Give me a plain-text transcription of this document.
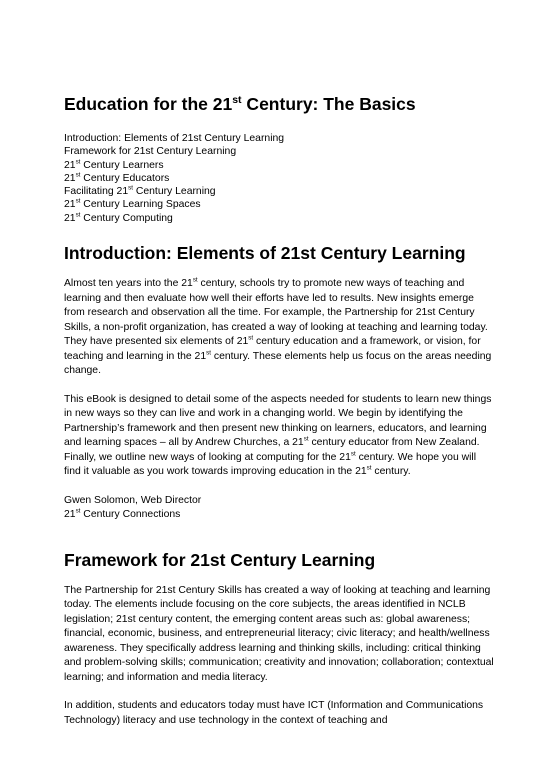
Education for the 21st Century: The Basics
Introduction: Elements of 21st Century Learning
Framework for 21st Century Learning
21st Century Learners
21st Century Educators
Facilitating 21st Century Learning
21st Century Learning Spaces
21st Century Computing
Introduction: Elements of 21st Century Learning

Almost ten years into the 21st century, schools try to promote new ways of teaching and learning and then evaluate how well their efforts have led to results. New insights emerge from research and observation all the time. For example, the Partnership for 21st Century Skills, a non-profit organization, has created a way of looking at teaching and learning today. They have presented six elements of 21st century education and a framework, or vision, for teaching and learning in the 21st century. These elements help us focus on the areas needing change.

This eBook is designed to detail some of the aspects needed for students to learn new things in new ways so they can live and work in a changing world. We begin by identifying the Partnership’s framework and then present new thinking on learners, educators, and learning and learning spaces – all by Andrew Churches, a 21st century educator from New Zealand. Finally, we outline new ways of looking at computing for the 21st century. We hope you will find it valuable as you work towards improving education in the 21st century.

Gwen Solomon, Web Director
21st Century Connections

Framework for 21st Century Learning

The Partnership for 21st Century Skills has created a way of looking at teaching and learning today. The elements include focusing on the core subjects, the areas identified in NCLB legislation; 21st century content, the emerging content areas such as: global awareness; financial, economic, business, and entrepreneurial literacy; civic literacy; and health/wellness awareness. They specifically address learning and thinking skills, including: critical thinking and problem-solving skills; communication; creativity and innovation; collaboration; contextual learning; and information and media literacy.

In addition, students and educators today must have ICT (Information and Communications Technology) literacy and use technology in the context of teaching and
